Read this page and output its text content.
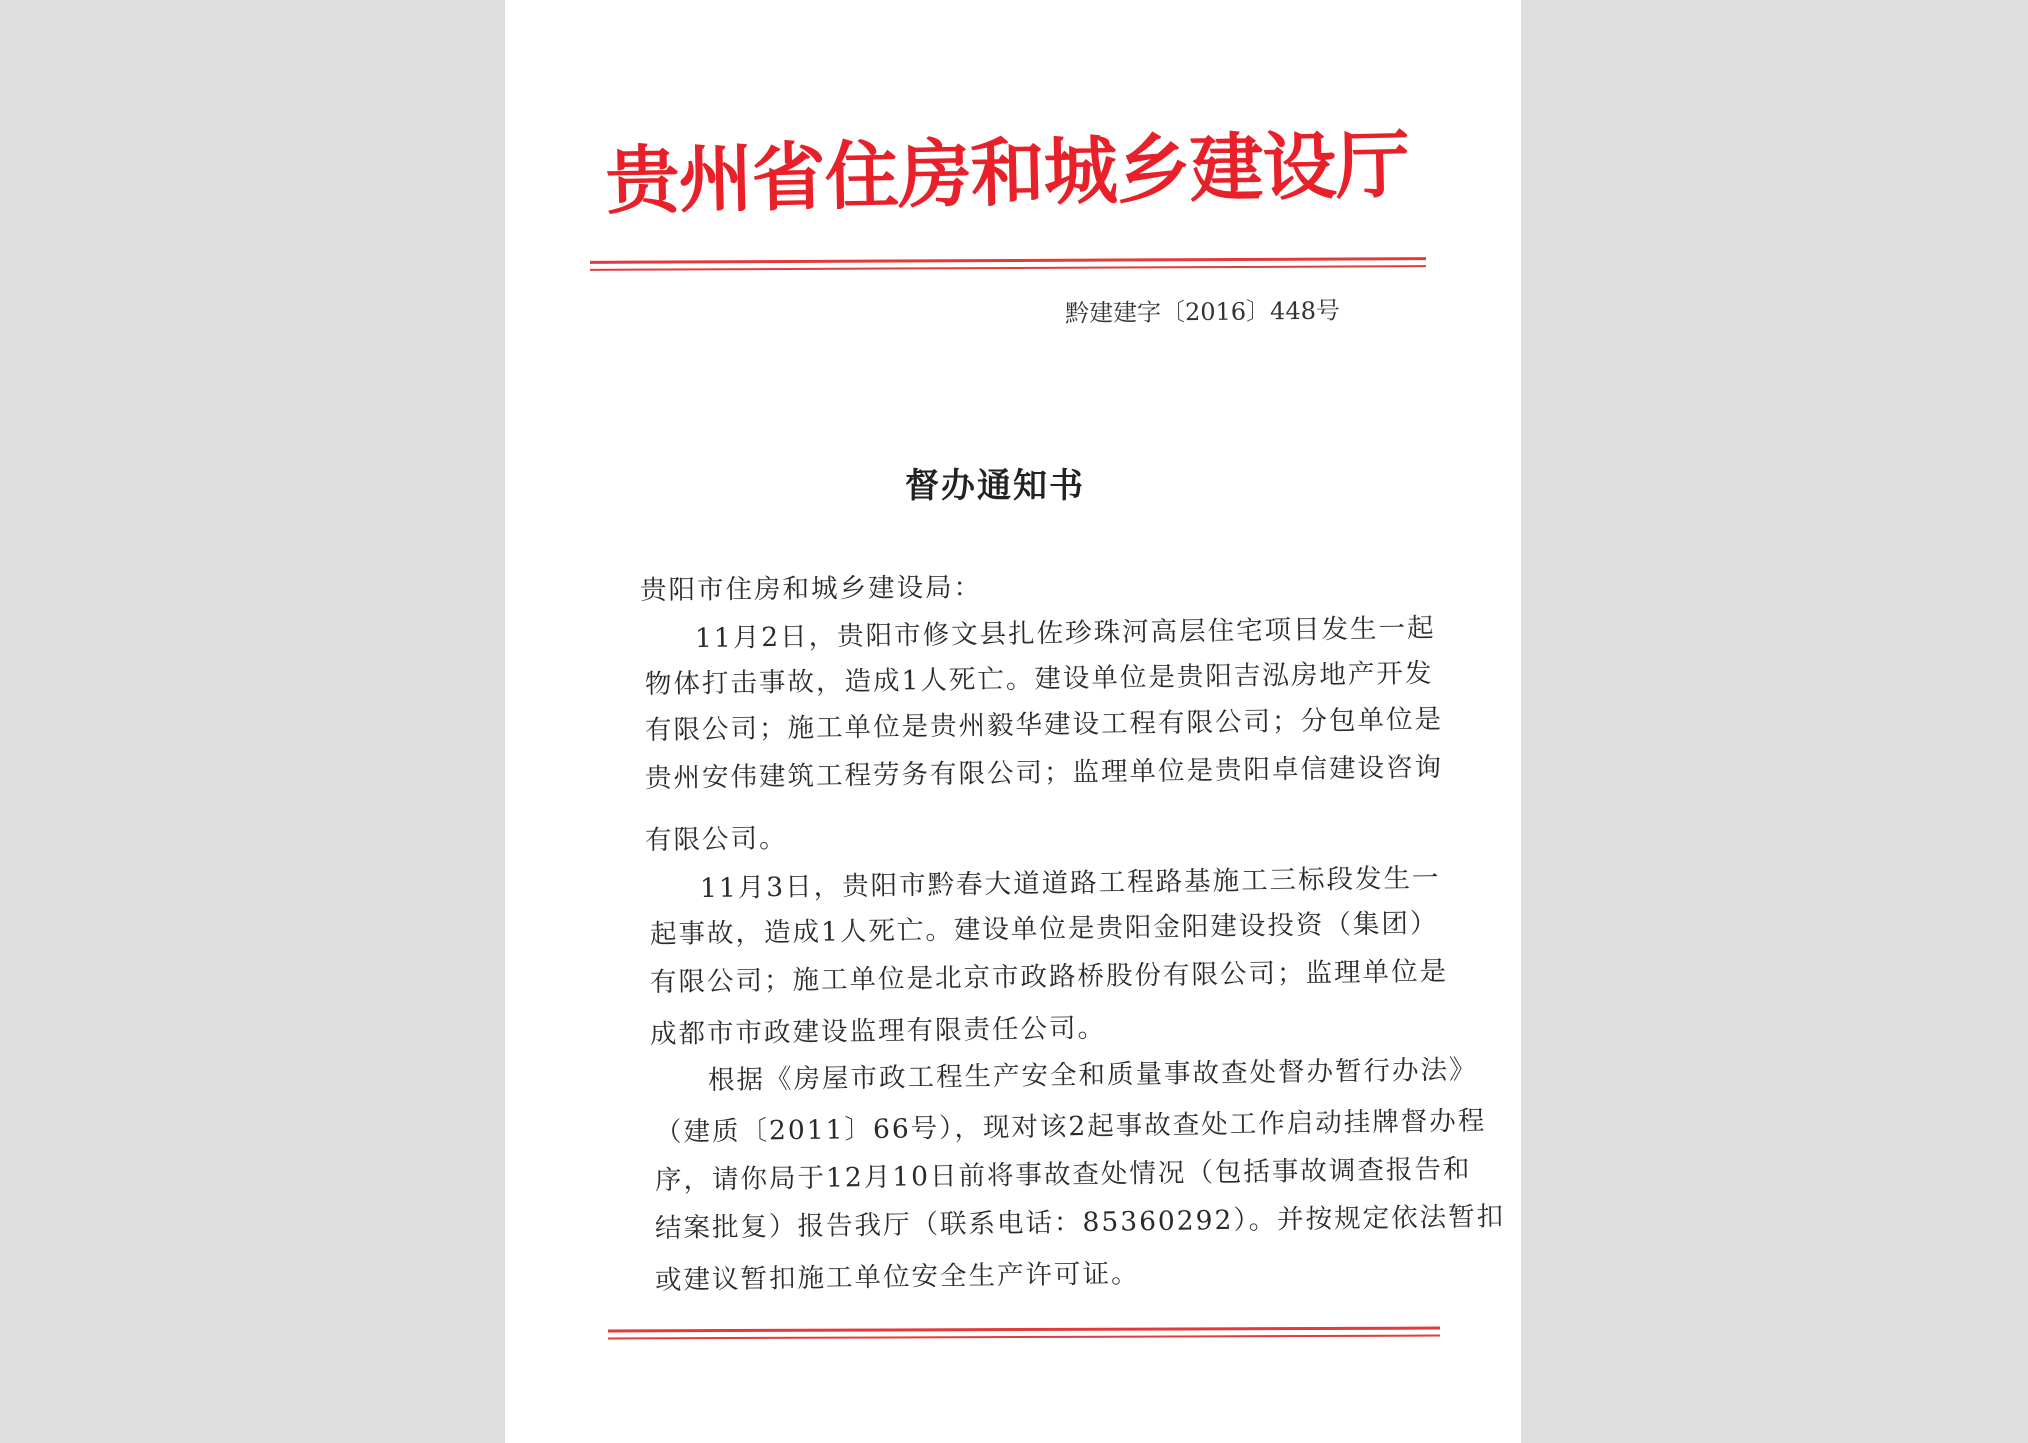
贵州省住房和城乡建设厅
黔建建字〔2016〕448号
督办通知书
贵阳市住房和城乡建设局：
11月2日，贵阳市修文县扎佐珍珠河高层住宅项目发生一起
物体打击事故，造成1人死亡。建设单位是贵阳吉泓房地产开发
有限公司；施工单位是贵州毅华建设工程有限公司；分包单位是
贵州安伟建筑工程劳务有限公司；监理单位是贵阳卓信建设咨询
有限公司。
11月3日，贵阳市黔春大道道路工程路基施工三标段发生一
起事故，造成1人死亡。建设单位是贵阳金阳建设投资（集团）
有限公司；施工单位是北京市政路桥股份有限公司；监理单位是
成都市市政建设监理有限责任公司。
根据《房屋市政工程生产安全和质量事故查处督办暂行办法》
（建质〔2011〕66号），现对该2起事故查处工作启动挂牌督办程
序，请你局于12月10日前将事故查处情况（包括事故调查报告和
结案批复）报告我厅（联系电话：85360292）。并按规定依法暂扣
或建议暂扣施工单位安全生产许可证。
